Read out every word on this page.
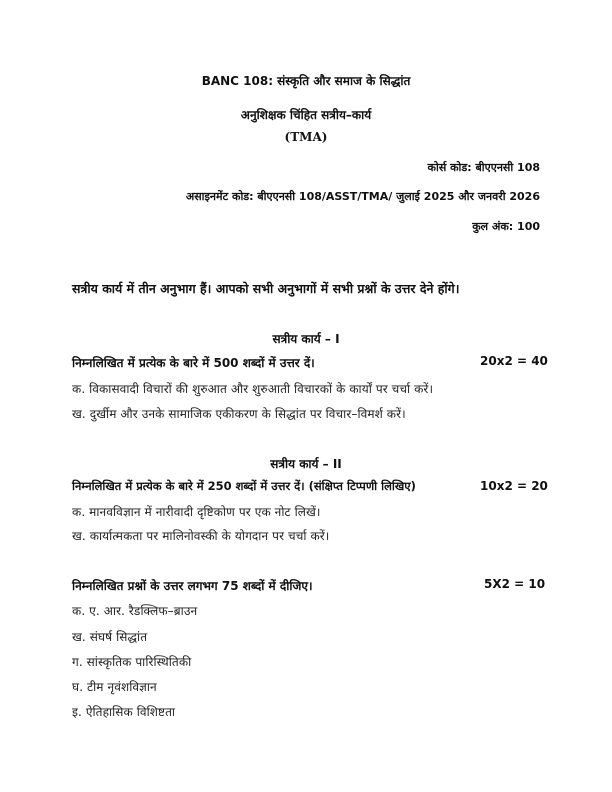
BANC 108: संस्कृति और समाज के सिद्धांत
अनुशिक्षक चिंहित सत्रीय–कार्य
(TMA)
कोर्स कोड: बीएएनसी 108
असाइनमेंट कोड: बीएएनसी 108/ASST/TMA/ जुलाई 2025 और जनवरी 2026
कुल अंक: 100
सत्रीय कार्य में तीन अनुभाग हैं। आपको सभी अनुभागों में सभी प्रश्नों के उत्तर देने होंगे।
सत्रीय कार्य – I
निम्नलिखित में प्रत्येक के बारे में 500 शब्दों में उत्तर दें।	20x2 = 40
क. विकासवादी विचारों की शुरुआत और शुरुआती विचारकों के कार्यों पर चर्चा करें।
ख. दुर्खीम और उनके सामाजिक एकीकरण के सिद्धांत पर विचार–विमर्श करें।
सत्रीय कार्य – II
निम्नलिखित में प्रत्येक के बारे में 250 शब्दों में उत्तर दें। (संक्षिप्त टिप्पणी लिखिए)	10x2 = 20
क. मानवविज्ञान में नारीवादी दृष्टिकोण पर एक नोट लिखें।
ख. कार्यात्मकता पर मालिनोवस्की के योगदान पर चर्चा करें।
निम्नलिखित प्रश्नों के उत्तर लगभग 75 शब्दों में दीजिए।	5X2 = 10
क. ए. आर. रैडक्लिफ–ब्राउन
ख. संघर्ष सिद्धांत
ग. सांस्कृतिक पारिस्थितिकी
घ. टीम नृवंशविज्ञान
इ. ऐतिहासिक विशिष्टता
